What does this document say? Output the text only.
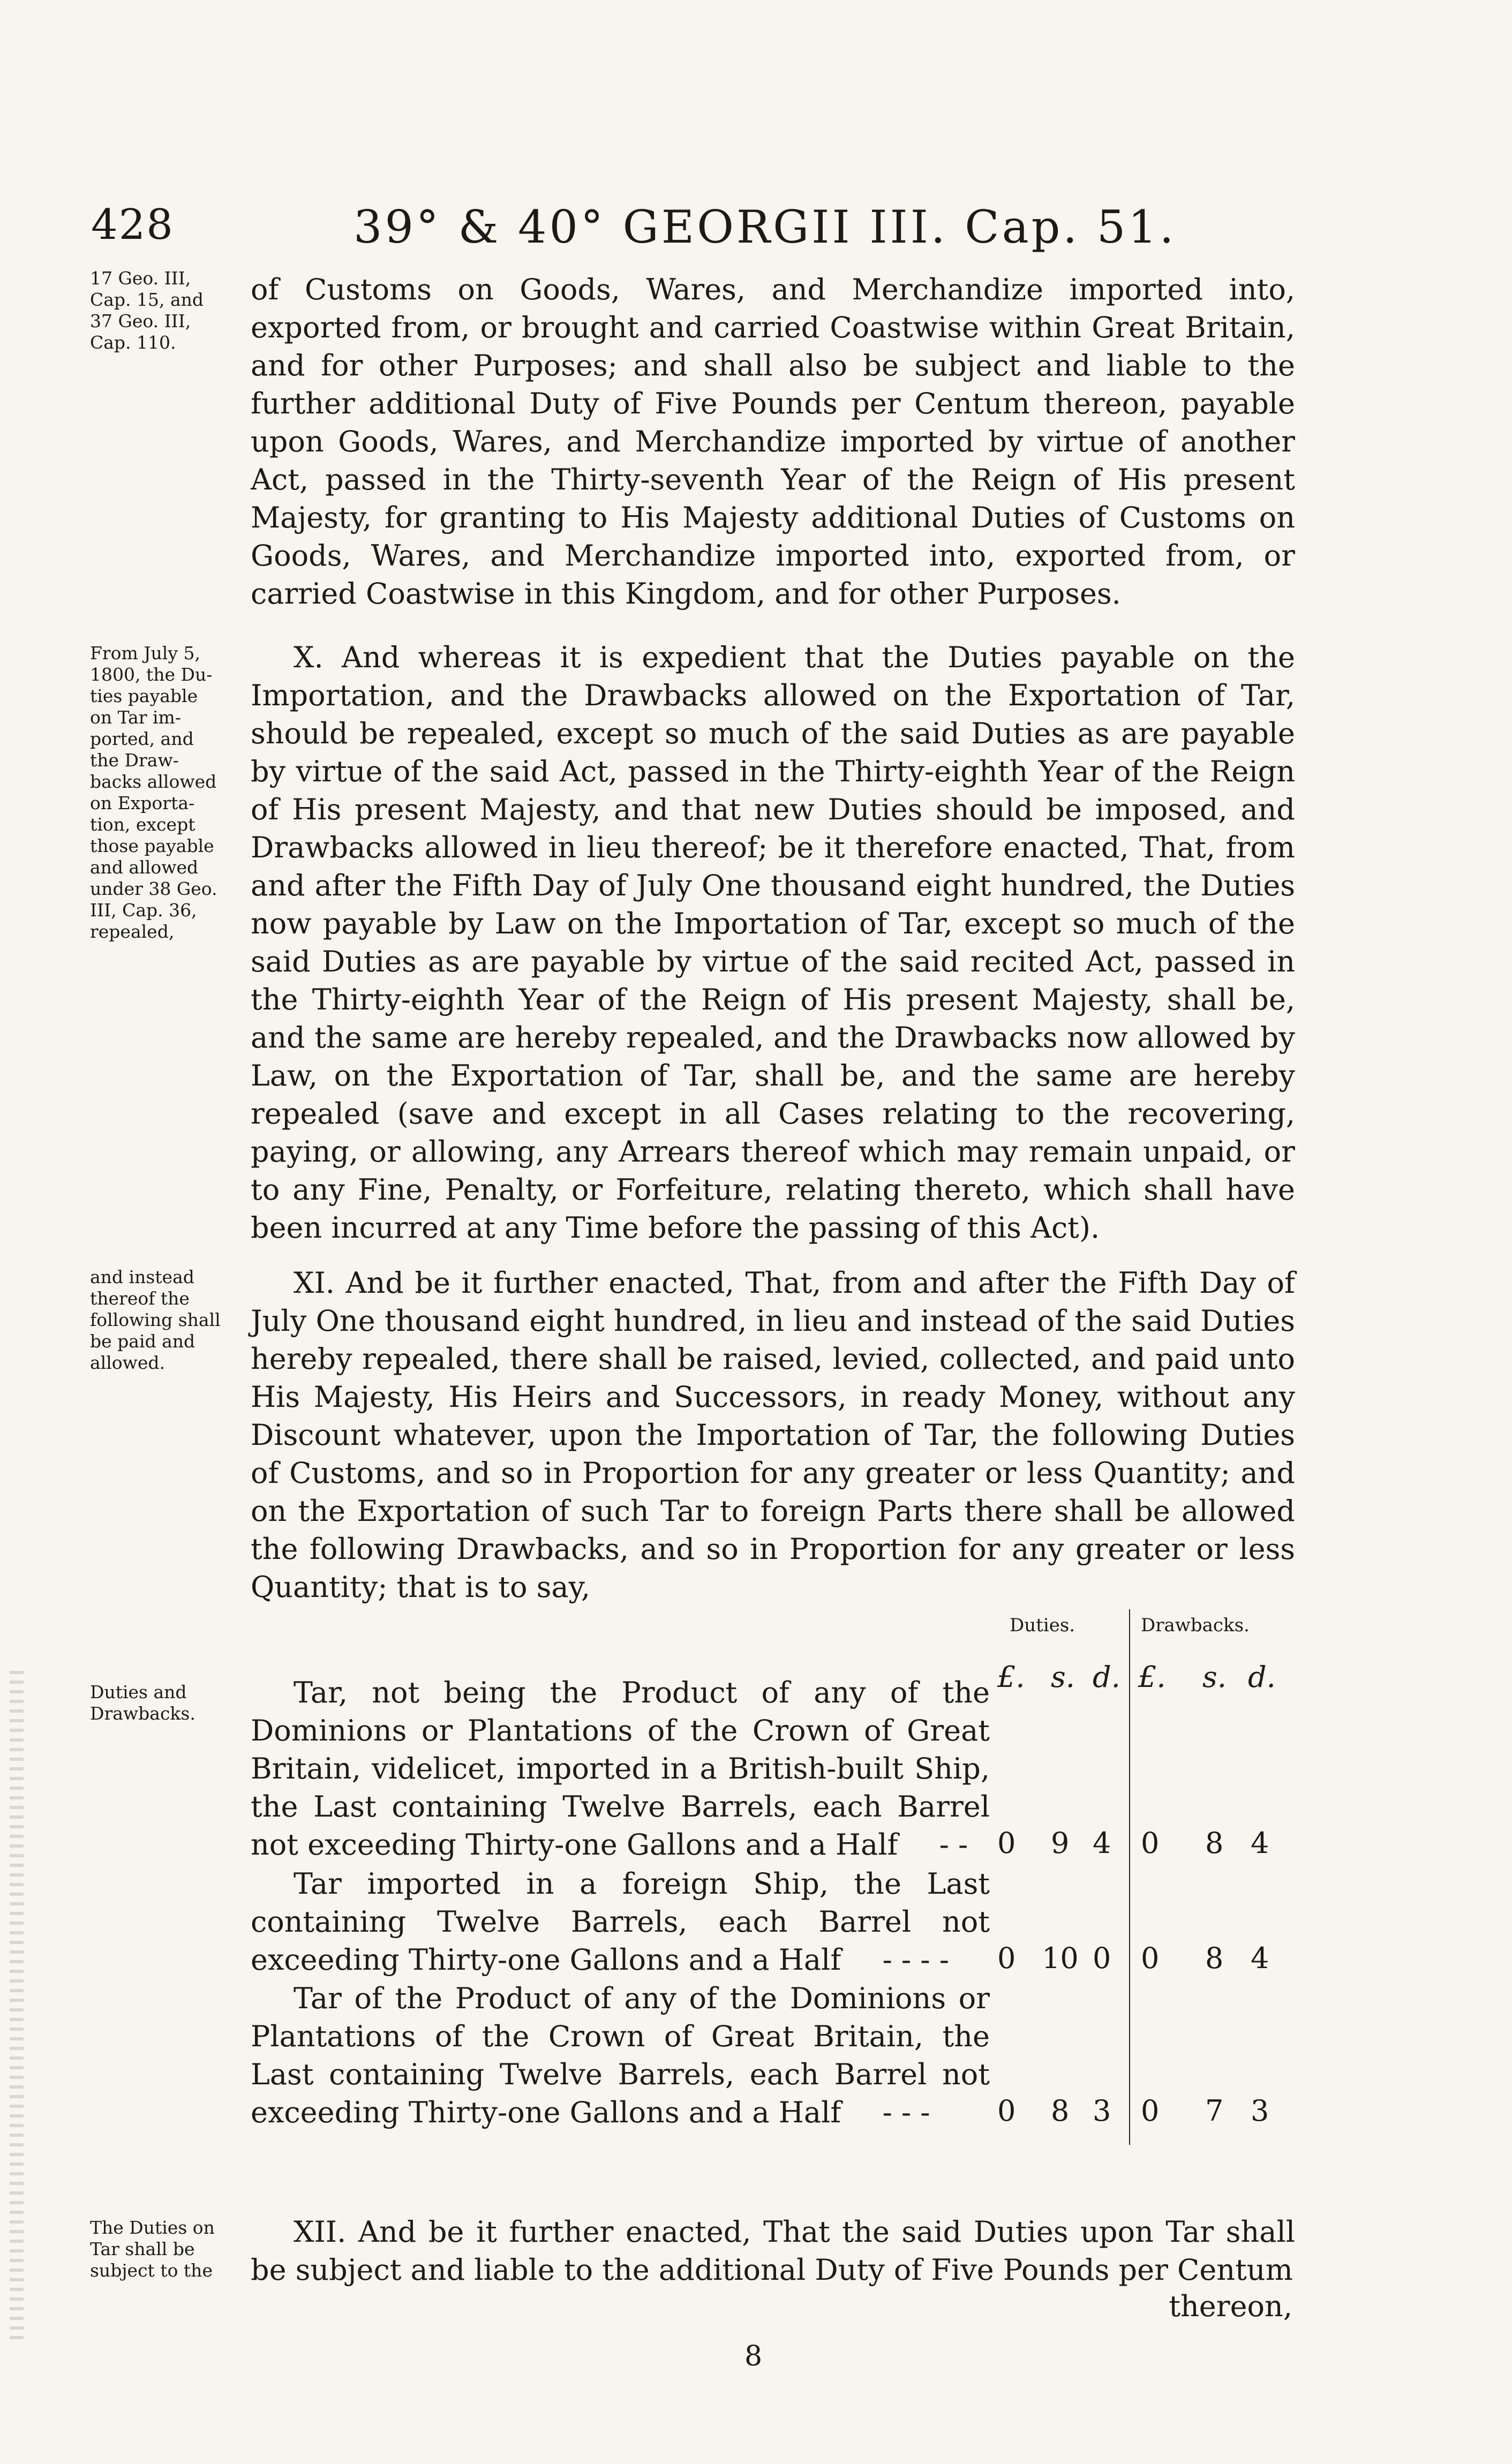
428	39° & 40° GEORGII III. Cap. 51.
17 Geo. III,
Cap. 15, and
37 Geo. III,
Cap. 110.
From July 5,
1800, the Du-
ties payable
on Tar im-
ported, and
the Draw-
backs allowed
on Exporta-
tion, except
those payable
and allowed
under 38 Geo.
III, Cap. 36,
repealed,
and instead
thereof the
following shall
be paid and
allowed.
Duties and
Drawbacks.
The Duties on
Tar shall be
subject to the

of Customs on Goods, Wares, and Merchandize imported into, exported from, or brought and carried Coastwise within Great Britain, and for other Purposes; and shall also be subject and liable to the further additional Duty of Five Pounds per Centum thereon, payable upon Goods, Wares, and Merchandize imported by virtue of another Act, passed in the Thirty-seventh Year of the Reign of His present Majesty, for granting to His Majesty additional Duties of Customs on Goods, Wares, and Merchandize imported into, exported from, or carried Coastwise in this Kingdom, and for other Purposes.

X. And whereas it is expedient that the Duties payable on the Importation, and the Drawbacks allowed on the Exportation of Tar, should be repealed, except so much of the said Duties as are payable by virtue of the said Act, passed in the Thirty-eighth Year of the Reign of His present Majesty, and that new Duties should be imposed, and Drawbacks allowed in lieu thereof; be it therefore enacted, That, from and after the Fifth Day of July One thousand eight hundred, the Duties now payable by Law on the Importation of Tar, except so much of the said Duties as are payable by virtue of the said recited Act, passed in the Thirty-eighth Year of the Reign of His present Majesty, shall be, and the same are hereby repealed, and the Drawbacks now allowed by Law, on the Exportation of Tar, shall be, and the same are hereby repealed (save and except in all Cases relating to the recovering, paying, or allowing, any Arrears thereof which may remain unpaid, or to any Fine, Penalty, or Forfeiture, relating thereto, which shall have been incurred at any Time before the passing of this Act).

XI. And be it further enacted, That, from and after the Fifth Day of July One thousand eight hundred, in lieu and instead of the said Duties hereby repealed, there shall be raised, levied, collected, and paid unto His Majesty, His Heirs and Successors, in ready Money, without any Discount whatever, upon the Importation of Tar, the following Duties of Customs, and so in Proportion for any greater or less Quantity; and on the Exportation of such Tar to foreign Parts there shall be allowed the following Drawbacks, and so in Proportion for any greater or less Quantity; that is to say,

Duties.	Drawbacks.
£. s. d. £. s. d.
Tar, not being the Product of any of the Dominions or Plantations of the Crown of Great Britain, videlicet, imported in a British-built Ship, the Last containing Twelve Barrels, each Barrel not exceeding Thirty-one Gallons and a Half - -	0 9 4 0 8 4
Tar imported in a foreign Ship, the Last containing Twelve Barrels, each Barrel not exceeding Thirty-one Gallons and a Half - - - -	0 10 0 0 8 4
Tar of the Product of any of the Dominions or Plantations of the Crown of Great Britain, the Last containing Twelve Barrels, each Barrel not exceeding Thirty-one Gallons and a Half - - -	0 8 3 0 7 3

XII. And be it further enacted, That the said Duties upon Tar shall be subject and liable to the additional Duty of Five Pounds per Centum

thereon,
8
